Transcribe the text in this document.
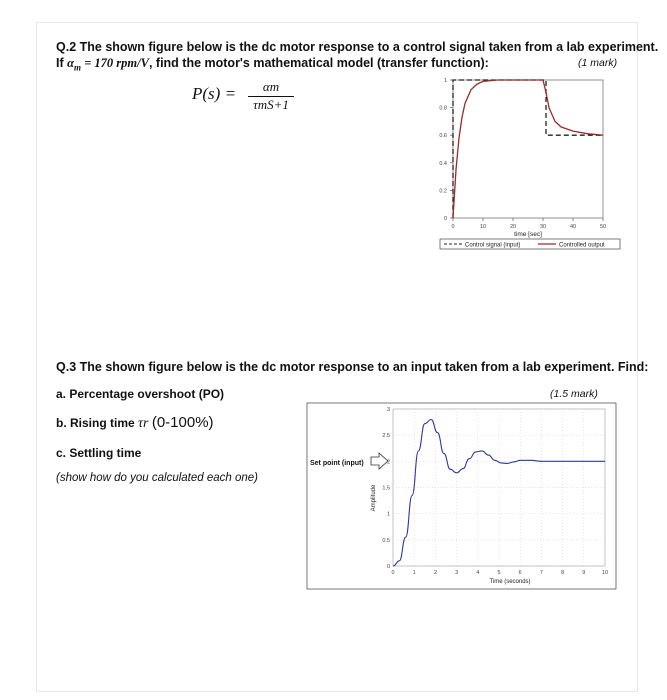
Q.2 The shown figure below is the dc motor response to a control signal taken from a lab experiment.
If $\alpha_m = 170$ rpm/V, find the motor's mathematical model (transfer function):	(1 mark)
P(s) =	αm
τmS+1
0
0.2
0.4
0.6
0.8
1
0	10	20	30	40	50
time [sec]
Control signal (input)	Controlled output
Q.3 The shown figure below is the dc motor response to an input taken from a lab experiment. Find:
a. Percentage overshoot (PO)	(1.5 mark)
b. Rising time τr (0-100%)
c. Settling time
(show how do you calculated each one)
0
0.5
1
1.5
2
2.5
3
0	1	2	3	4	5	6	7	8	9	10
Time (seconds)
Amplitude
Set point (input)
